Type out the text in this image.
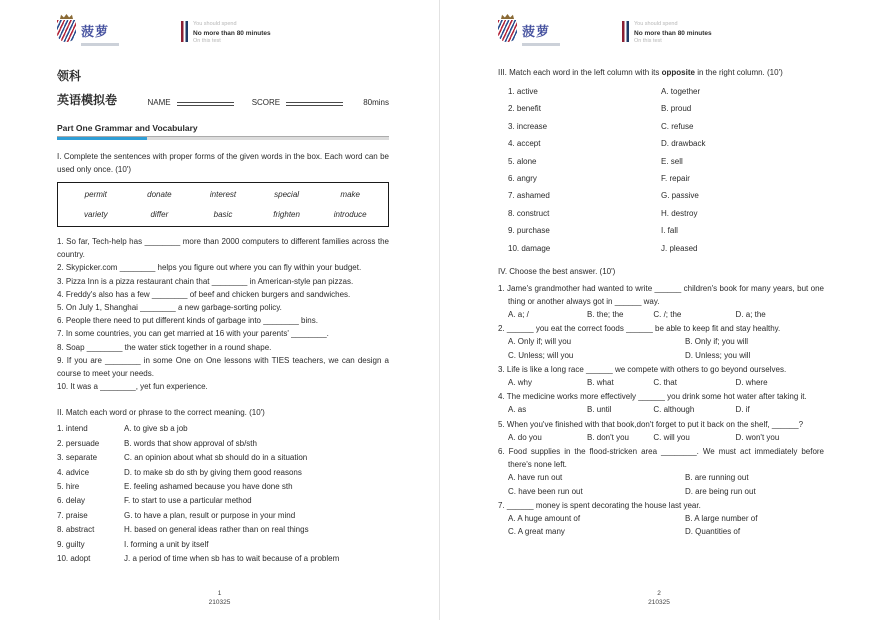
菠萝	You should spend
No more than 80 minutes
On this test
领科
英语模拟卷	NAME	SCORE	80mins
Part One Grammar and Vocabulary

I. Complete the sentences with proper forms of the given words in the box. Each word can be used only once. (10')

permit	donate	interest	special	make
variety	differ	basic	frighten	introduce

1. So far, Tech-help has ________ more than 2000 computers to different families across the country.

2. Skypicker.com ________ helps you figure out where you can fly within your budget.

3. Pizza Inn is a pizza restaurant chain that ________ in American-style pan pizzas.

4. Freddy's also has a few ________ of beef and chicken burgers and sandwiches.

5. On July 1, Shanghai ________ a new garbage-sorting policy.

6. People there need to put different kinds of garbage into ________ bins.

7. In some countries, you can get married at 16 with your parents' ________.

8. Soap ________ the water stick together in a round shape.

9. If you are ________ in some One on One lessons with TIES teachers, we can design a course to meet your needs.

10. It was a ________, yet fun experience.

II. Match each word or phrase to the correct meaning. (10')

1. intend	A. to give sb a job
2. persuade	B. words that show approval of sb/sth
3. separate	C. an opinion about what sb should do in a situation
4. advice	D. to make sb do sth by giving them good reasons
5. hire	E. feeling ashamed because you have done sth
6. delay	F. to start to use a particular method
7. praise	G. to have a plan, result or purpose in your mind
8. abstract	H. based on general ideas rather than on real things
9. guilty	I. forming a unit by itself
10. adopt	J. a period of time when sb has to wait because of a problem
1
210325
菠萝	You should spend
No more than 80 minutes
On this test

III. Match each word in the left column with its opposite in the right column. (10')

1. active	A. together
2. benefit	B. proud
3. increase	C. refuse
4. accept	D. drawback
5. alone	E. sell
6. angry	F. repair
7. ashamed	G. passive
8. construct	H. destroy
9. purchase	I. fall
10. damage	J. pleased

IV. Choose the best answer. (10')

1. Jame's grandmother had wanted to write ______ children's book for many years, but one thing or another always got in ______ way.

A. a; /	B. the; the	C. /; the	D. a; the

2. ______ you eat the correct foods ______ be able to keep fit and stay healthy.

A. Only if; will you	B. Only if; you will
C. Unless; will you	D. Unless; you will

3. Life is like a long race ______ we compete with others to go beyond ourselves.

A. why	B. what	C. that	D. where

4. The medicine works more effectively ______ you drink some hot water after taking it.

A. as	B. until	C. although	D. if

5. When you've finished with that book,don't forget to put it back on the shelf, ______?

A. do you	B. don't you	C. will you	D. won't you

6. Food supplies in the flood-stricken area ________. We must act immediately before there's none left.

A. have run out	B. are running out
C. have been run out	D. are being run out

7. ______ money is spent decorating the house last year.

A. A huge amount of	B. A large number of
C. A great many	D. Quantities of
2
210325
